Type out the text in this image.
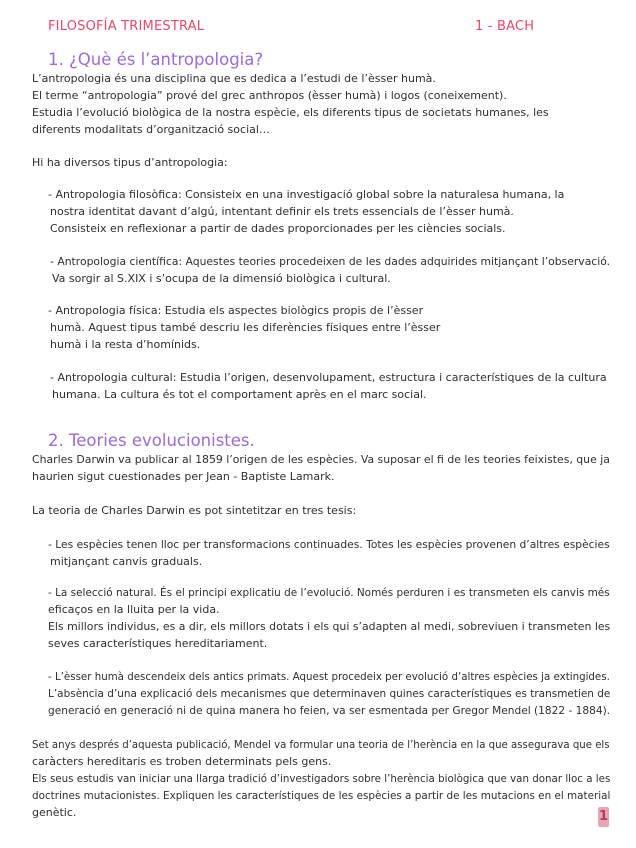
FILOSOFÍA TRIMESTRAL	1 - BACH
1. ¿Què és l’antropologia?

L’antropologia és una disciplina que es dedica a l’estudi de l’èsser humà.

El terme “antropologia” prové del grec anthropos (èsser humà) i logos (coneixement).

Estudia l’evolució biològica de la nostra espècie, els diferents tipus de societats humanes, les

diferents modalitats d’organització social…

Hi ha diversos tipus d’antropologia:

- Antropologia filosòfica: Consisteix en una investigació global sobre la naturalesa humana, la

nostra identitat davant d’algú, intentant definir els trets essencials de l’èsser humà.

Consisteix en reflexionar a partir de dades proporcionades per les ciències socials.

- Antropologia científica: Aquestes teories procedeixen de les dades adquirides mitjançant l’observació.

Va sorgir al S.XIX i s’ocupa de la dimensió biològica i cultural.

- Antropologia física: Estudia els aspectes biològics propis de l’èsser

humà. Aquest tipus també descriu les diferències físiques entre l’èsser

humà i la resta d’homínids.

- Antropologia cultural: Estudia l’origen, desenvolupament, estructura i característiques de la cultura

humana. La cultura és tot el comportament après en el marc social.

2. Teories evolucionistes.

Charles Darwin va publicar al 1859 l’origen de les espècies. Va suposar el fi de les teories feixistes, que ja

haurien sigut cuestionades per Jean - Baptiste Lamark.

La teoria de Charles Darwin es pot sintetitzar en tres tesis:

- Les espècies tenen lloc per transformacions continuades. Totes les espècies provenen d’altres espècies

mitjançant canvis graduals.

- La selecció natural. És el principi explicatiu de l’evolució. Només perduren i es transmeten els canvis més

eficaços en la lluita per la vida.

Els millors individus, es a dir, els millors dotats i els qui s’adapten al medi, sobreviuen i transmeten les

seves característiques hereditariament.

- L’èsser humà descendeix dels antics primats. Aquest procedeix per evolució d’altres espècies ja extingides.

L’absència d’una explicació dels mecanismes que determinaven quines característiques es transmetien de

generació en generació ni de quina manera ho feien, va ser esmentada per Gregor Mendel (1822 - 1884).

Set anys després d’aquesta publicació, Mendel va formular una teoria de l’herència en la que assegurava que els

caràcters hereditaris es troben determinats pels gens.

Els seus estudis van iniciar una llarga tradició d’investigadors sobre l’herència biològica que van donar lloc a les

doctrines mutacionistes. Expliquen les característiques de les espècies a partir de les mutacions en el material

genètic.	1
